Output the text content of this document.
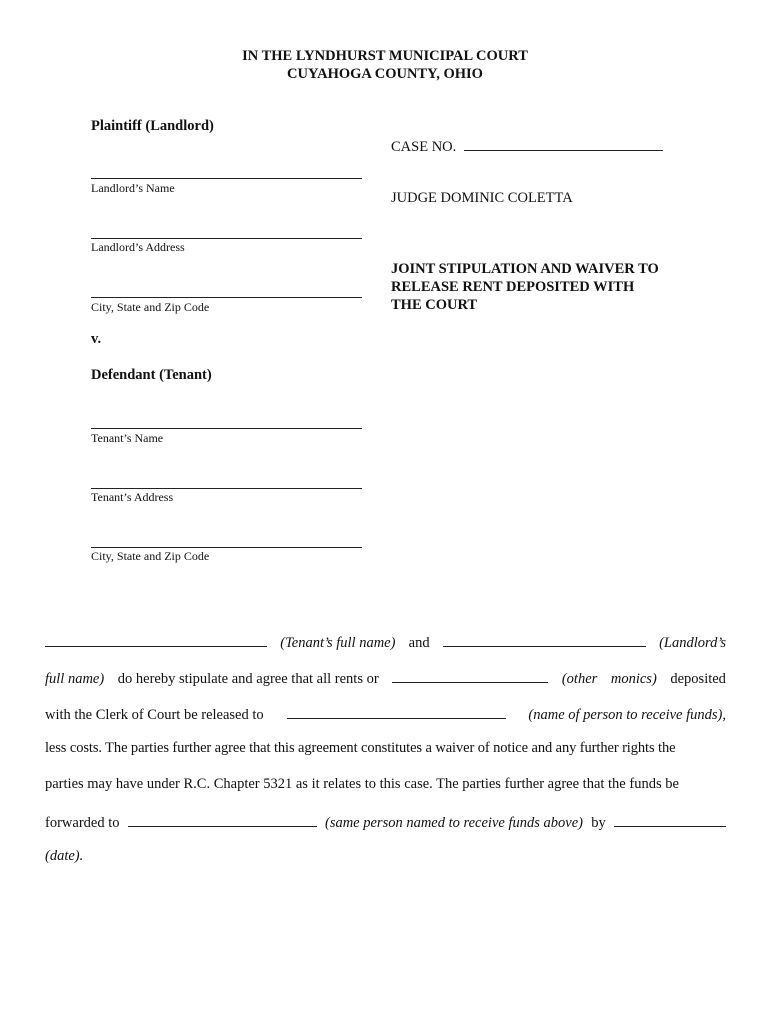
IN THE LYNDHURST MUNICIPAL COURT
CUYAHOGA COUNTY, OHIO
Plaintiff (Landlord)
Landlord’s Name
Landlord’s Address
City, State and Zip Code
CASE NO.
JUDGE DOMINIC COLETTA
JOINT STIPULATION AND WAIVER TO
RELEASE RENT DEPOSITED WITH
THE COURT
v.
Defendant (Tenant)
Tenant’s Name
Tenant’s Address
City, State and Zip Code
(Tenant’s full name) and	(Landlord’s
full name) do hereby stipulate and agree that all rents or	(other monics) deposited
with the Clerk of Court be released to	(name of person to receive funds),
less costs. The parties further agree that this agreement constitutes a waiver of notice and any further rights the
parties may have under R.C. Chapter 5321 as it relates to this case. The parties further agree that the funds be
forwarded to	(same person named to receive funds above) by
(date).
